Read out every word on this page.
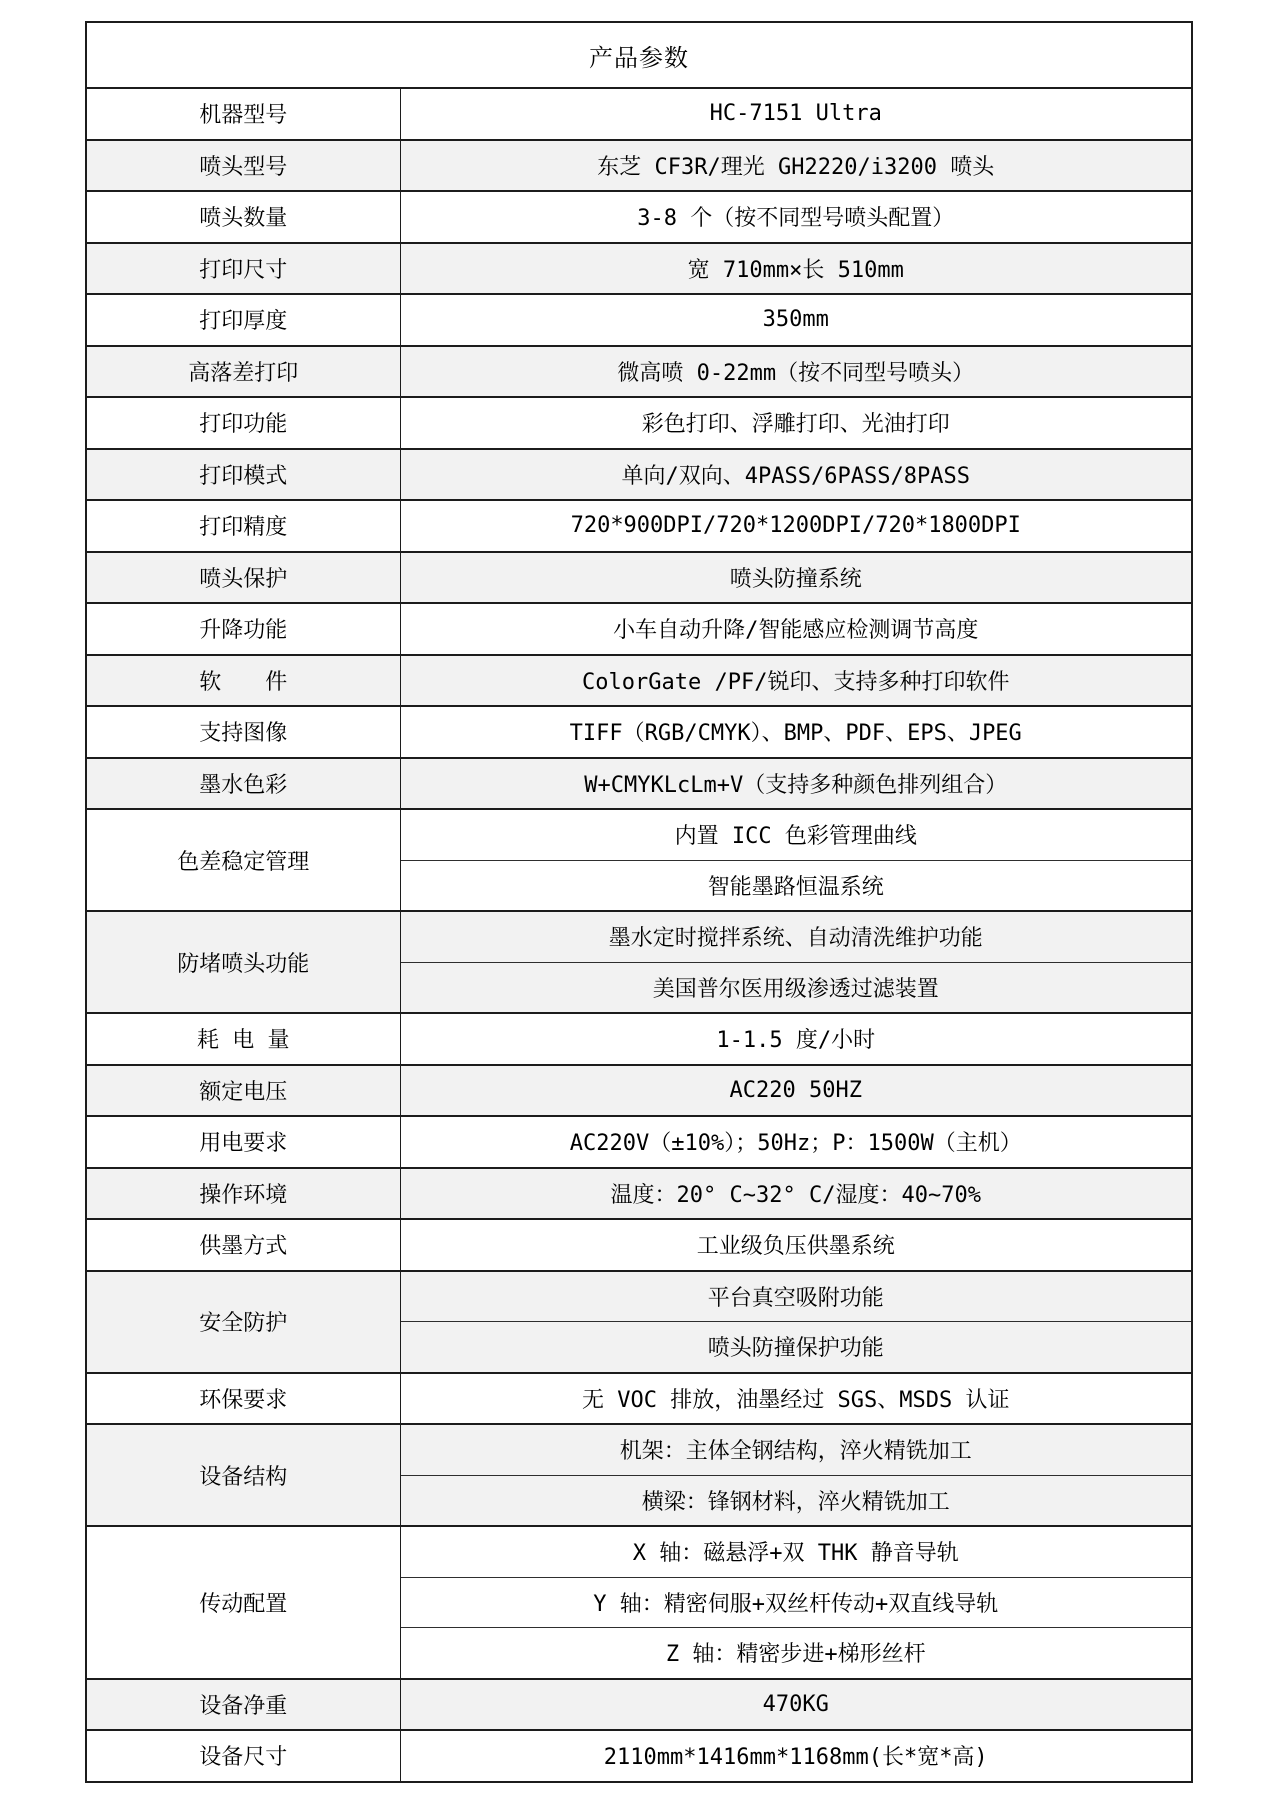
产品参数	
机器型号	HC-7151 Ultra
喷头型号	东芝 CF3R/理光 GH2220/i3200 喷头
喷头数量	3-8 个（按不同型号喷头配置）
打印尺寸	宽 710mm×长 510mm
打印厚度	350mm
高落差打印	微高喷 0-22mm（按不同型号喷头）
打印功能	彩色打印、浮雕打印、光油打印
打印模式	单向/双向、4PASS/6PASS/8PASS
打印精度	720*900DPI/720*1200DPI/720*1800DPI
喷头保护	喷头防撞系统
升降功能	小车自动升降/智能感应检测调节高度
软　　件	ColorGate /PF/锐印、支持多种打印软件
支持图像	TIFF（RGB/CMYK）、BMP、PDF、EPS、JPEG
墨水色彩	W+CMYKLcLm+V（支持多种颜色排列组合）
色差稳定管理	内置 ICC 色彩管理曲线
	智能墨路恒温系统
防堵喷头功能	墨水定时搅拌系统、自动清洗维护功能
	美国普尔医用级渗透过滤装置
耗 电 量	1-1.5 度/小时
额定电压	AC220 50HZ
用电要求	AC220V（±10%）；50Hz；P：1500W（主机）
操作环境	温度：20° C~32° C/湿度：40~70%
供墨方式	工业级负压供墨系统
安全防护	平台真空吸附功能
	喷头防撞保护功能
环保要求	无 VOC 排放，油墨经过 SGS、MSDS 认证
设备结构	机架：主体全钢结构，淬火精铣加工
	横梁：锋钢材料，淬火精铣加工
传动配置	X 轴：磁悬浮+双 THK 静音导轨
	Y 轴：精密伺服+双丝杆传动+双直线导轨
	Z 轴：精密步进+梯形丝杆
设备净重	470KG
设备尺寸	2110mm*1416mm*1168mm(长*宽*高)
